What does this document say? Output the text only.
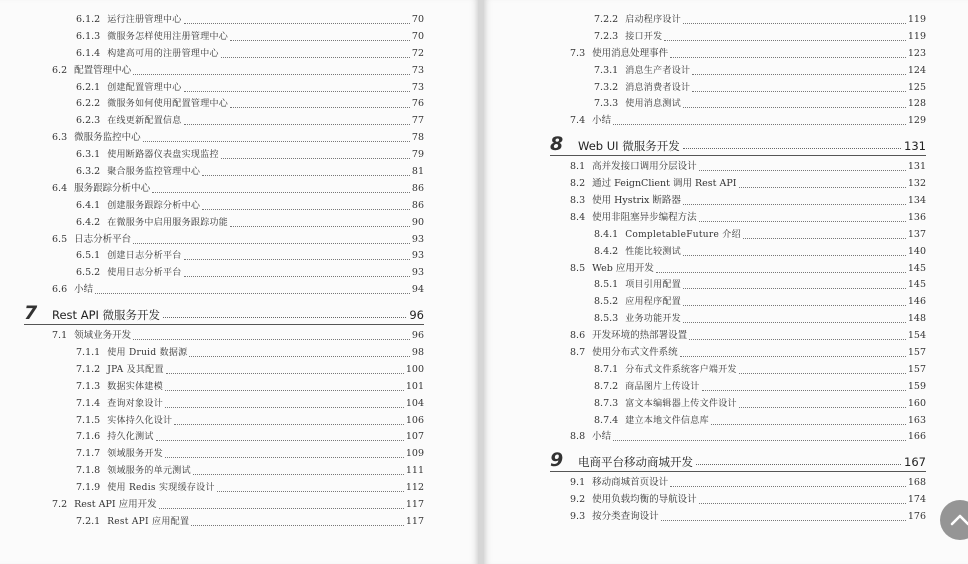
6.1.2 运行注册管理中心	70
6.1.3 微服务怎样使用注册管理中心	70
6.1.4 构建高可用的注册管理中心	72
6.2 配置管理中心	73
6.2.1 创建配置管理中心	73
6.2.2 微服务如何使用配置管理中心	76
6.2.3 在线更新配置信息	77
6.3 微服务监控中心	78
6.3.1 使用断路器仪表盘实现监控	79
6.3.2 聚合服务监控管理中心	81
6.4 服务跟踪分析中心	86
6.4.1 创建服务跟踪分析中心	86
6.4.2 在微服务中启用服务跟踪功能	90
6.5 日志分析平台	93
6.5.1 创建日志分析平台	93
6.5.2 使用日志分析平台	93
6.6 小结	94
7	Rest API 微服务开发	96
7.1 领域业务开发	96
7.1.1 使用 Druid 数据源	98
7.1.2 JPA 及其配置	100
7.1.3 数据实体建模	101
7.1.4 查询对象设计	104
7.1.5 实体持久化设计	106
7.1.6 持久化测试	107
7.1.7 领域服务开发	109
7.1.8 领域服务的单元测试	111
7.1.9 使用 Redis 实现缓存设计	112
7.2 Rest API 应用开发	117
7.2.1 Rest API 应用配置	117
7.2.2 启动程序设计	119
7.2.3 接口开发	119
7.3 使用消息处理事件	123
7.3.1 消息生产者设计	124
7.3.2 消息消费者设计	125
7.3.3 使用消息测试	128
7.4 小结	129
8	Web UI 微服务开发	131
8.1 高并发接口调用分层设计	131
8.2 通过 FeignClient 调用 Rest API	132
8.3 使用 Hystrix 断路器	134
8.4 使用非阻塞异步编程方法	136
8.4.1 CompletableFuture 介绍	137
8.4.2 性能比较测试	140
8.5 Web 应用开发	145
8.5.1 项目引用配置	145
8.5.2 应用程序配置	146
8.5.3 业务功能开发	148
8.6 开发环境的热部署设置	154
8.7 使用分布式文件系统	157
8.7.1 分布式文件系统客户端开发	157
8.7.2 商品图片上传设计	159
8.7.3 富文本编辑器上传文件设计	160
8.7.4 建立本地文件信息库	163
8.8 小结	166
9	电商平台移动商城开发	167
9.1 移动商城首页设计	168
9.2 使用负载均衡的导航设计	174
9.3 按分类查询设计	176
